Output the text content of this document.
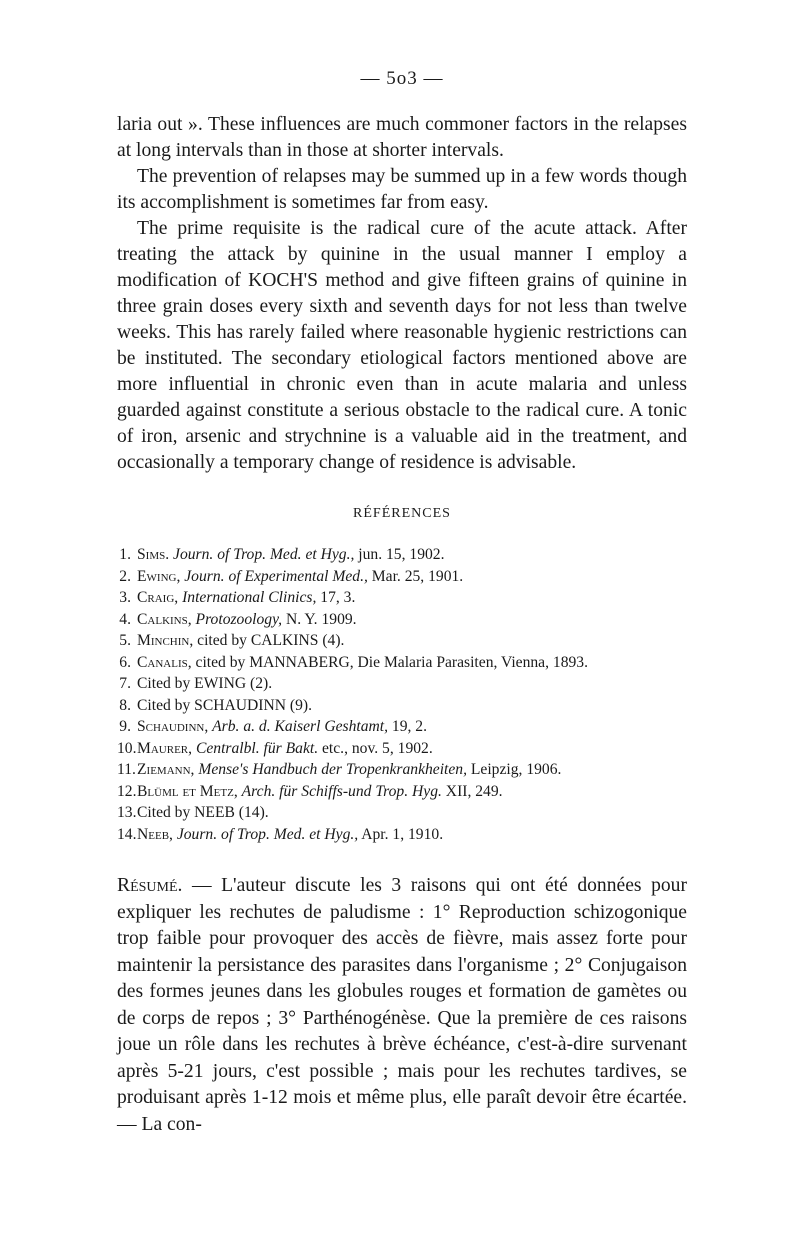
— 5o3 —

laria out ». These influences are much commoner factors in the relapses at long intervals than in those at shorter intervals.

The prevention of relapses may be summed up in a few words though its accomplishment is sometimes far from easy.

The prime requisite is the radical cure of the acute attack. After treating the attack by quinine in the usual manner I employ a modification of KOCH'S method and give fifteen grains of quinine in three grain doses every sixth and seventh days for not less than twelve weeks. This has rarely failed where reasonable hygienic restrictions can be instituted. The secondary etiological factors mentioned above are more influential in chronic even than in acute malaria and unless guarded against constitute a serious obstacle to the radical cure. A tonic of iron, arsenic and strychnine is a valuable aid in the treatment, and occasionally a temporary change of residence is advisable.

RÉFÉRENCES
1. Sims. Journ. of Trop. Med. et Hyg., jun. 15, 1902.
2. Ewing, Journ. of Experimental Med., Mar. 25, 1901.
3. Craig, International Clinics, 17, 3.
4. Calkins, Protozoology, N. Y. 1909.
5. Minchin, cited by CALKINS (4).
6. Canalis, cited by MANNABERG, Die Malaria Parasiten, Vienna, 1893.
7. Cited by EWING (2).
8. Cited by SCHAUDINN (9).
9. Schaudinn, Arb. a. d. Kaiserl Geshtamt, 19, 2.
10.Maurer, Centralbl. für Bakt. etc., nov. 5, 1902.
11.Ziemann, Mense's Handbuch der Tropenkrankheiten, Leipzig, 1906.
12.Blüml et Metz, Arch. für Schiffs-und Trop. Hyg. XII, 249.
13.Cited by NEEB (14).
14.Neeb, Journ. of Trop. Med. et Hyg., Apr. 1, 1910.

Résumé. — L'auteur discute les 3 raisons qui ont été données pour expliquer les rechutes de paludisme : 1° Reproduction schizogonique trop faible pour provoquer des accès de fièvre, mais assez forte pour maintenir la persistance des parasites dans l'organisme ; 2° Conjugaison des formes jeunes dans les globules rouges et formation de gamètes ou de corps de repos ; 3° Parthénogénèse. Que la première de ces raisons joue un rôle dans les rechutes à brève échéance, c'est-à-dire survenant après 5-21 jours, c'est possible ; mais pour les rechutes tardives, se produisant après 1-12 mois et même plus, elle paraît devoir être écartée. — La con-
